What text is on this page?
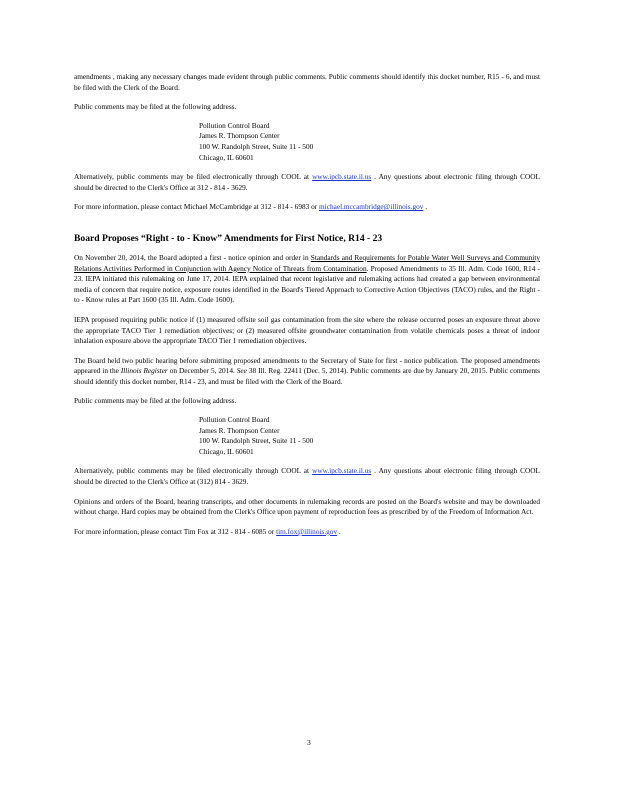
amendments , making any necessary changes made evident through public comments. Public comments should identify this docket number, R15 - 6, and must be filed with the Clerk of the Board.

Public comments may be filed at the following address.

Pollution Control Board
James R. Thompson Center
100 W. Randolph Street, Suite 11 - 500
Chicago, IL 60601

Alternatively, public comments may be filed electronically through COOL at www.ipcb.state.il.us . Any questions about electronic filing through COOL should be directed to the Clerk's Office at 312 - 814 - 3629.

For more information, please contact Michael McCambridge at 312 - 814 - 6983 or michael.mccambridge@illinois.gov .

Board Proposes “Right - to - Know” Amendments for First Notice, R14 - 23

On November 20, 2014, the Board adopted a first - notice opinion and order in Standards and Requirements for Potable Water Well Surveys and Community Relations Activities Performed in Conjunction with Agency Notice of Threats from Contamination. Proposed Amendments to 35 Ill. Adm. Code 1600, R14 - 23. IEPA initiated this rulemaking on June 17, 2014. IEPA explained that recent legislative and rulemaking actions had created a gap between environmental media of concern that require notice, exposure routes identified in the Board's Tiered Approach to Corrective Action Objectives (TACO) rules, and the Right - to - Know rules at Part 1600 (35 Ill. Adm. Code 1600).

IEPA proposed requiring public notice if (1) measured offsite soil gas contamination from the site where the release occurred poses an exposure threat above the appropriate TACO Tier 1 remediation objectives; or (2) measured offsite groundwater contamination from volatile chemicals poses a threat of indoor inhalation exposure above the appropriate TACO Tier 1 remediation objectives.

The Board held two public hearing before submitting proposed amendments to the Secretary of State for first - notice publication. The proposed amendments appeared in the Illinois Register on December 5, 2014. See 38 Ill. Reg. 22411 (Dec. 5, 2014). Public comments are due by January 20, 2015. Public comments should identify this docket number, R14 - 23, and must be filed with the Clerk of the Board.

Public comments may be filed at the following address.

Pollution Control Board
James R. Thompson Center
100 W. Randolph Street, Suite 11 - 500
Chicago, IL 60601

Alternatively, public comments may be filed electronically through COOL at www.ipcb.state.il.us . Any questions about electronic filing through COOL should be directed to the Clerk's Office at (312) 814 - 3629.

Opinions and orders of the Board, hearing transcripts, and other documents in rulemaking records are posted on the Board's website and may be downloaded without charge. Hard copies may be obtained from the Clerk's Office upon payment of reproduction fees as prescribed by of the Freedom of Information Act.

For more information, please contact Tim Fox at 312 - 814 - 6085 or tim.fox@illinois.gov .

3
